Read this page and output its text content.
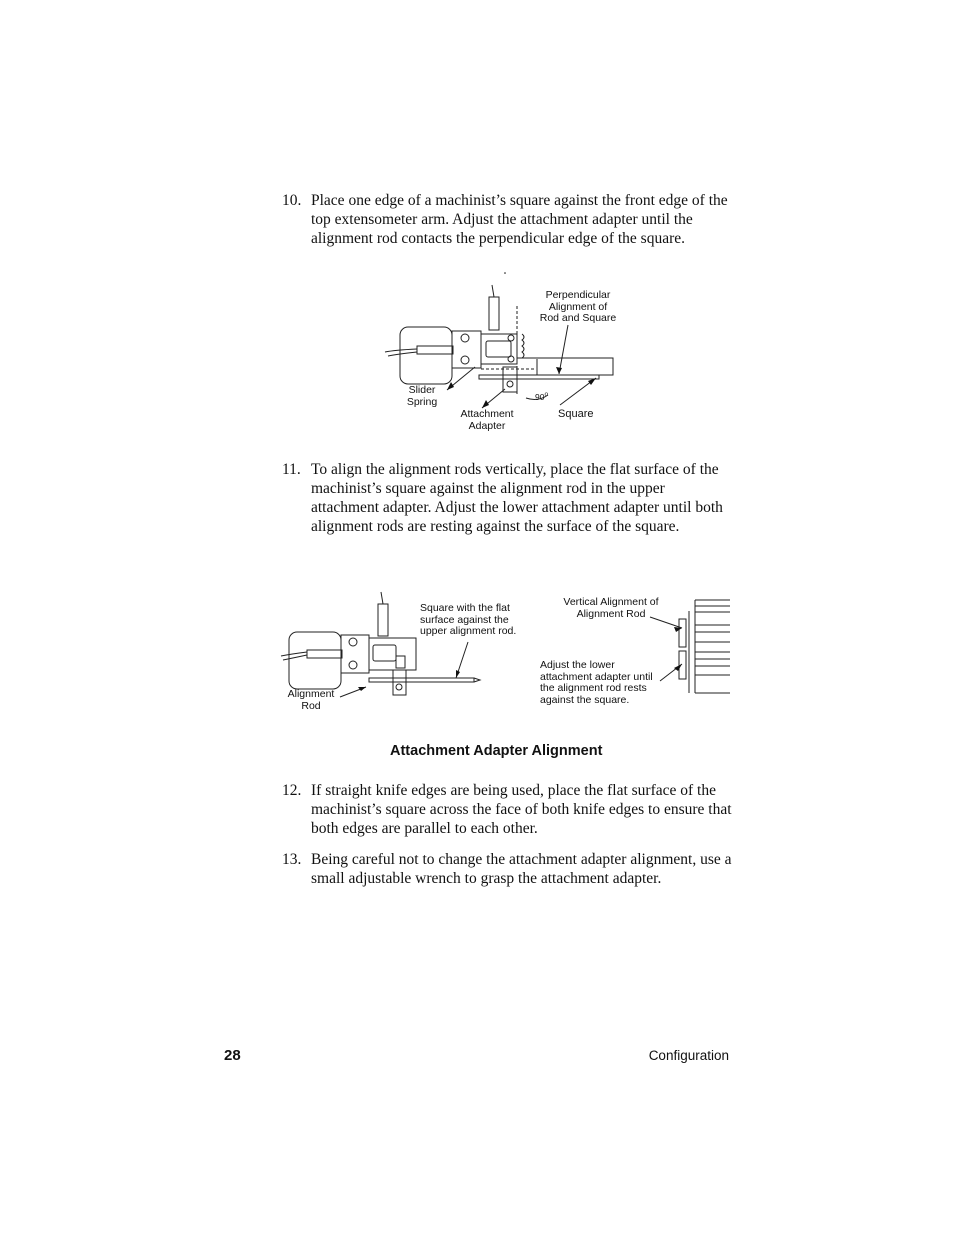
10. Place one edge of a machinist’s square against the front edge of the top extensometer arm. Adjust the attachment adapter until the alignment rod contacts the perpendicular edge of the square.
11. To align the alignment rods vertically, place the flat surface of the machinist’s square against the alignment rod in the upper attachment adapter. Adjust the lower attachment adapter until both alignment rods are resting against the surface of the square.
12. If straight knife edges are being used, place the flat surface of the machinist’s square across the face of both knife edges to ensure that both edges are parallel to each other.
13. Being careful not to change the attachment adapter alignment, use a small adjustable wrench to grasp the attachment adapter.
Perpendicular
Alignment of
Rod and Square
Slider
Spring
Attachment
Adapter
Square
90$^o$
Square with the flat
surface against the
upper alignment rod.
Alignment
Rod
Vertical Alignment of
Alignment Rod
Adjust the lower
attachment adapter until
the alignment rod rests
against the square.
Attachment Adapter Alignment
28	Configuration
